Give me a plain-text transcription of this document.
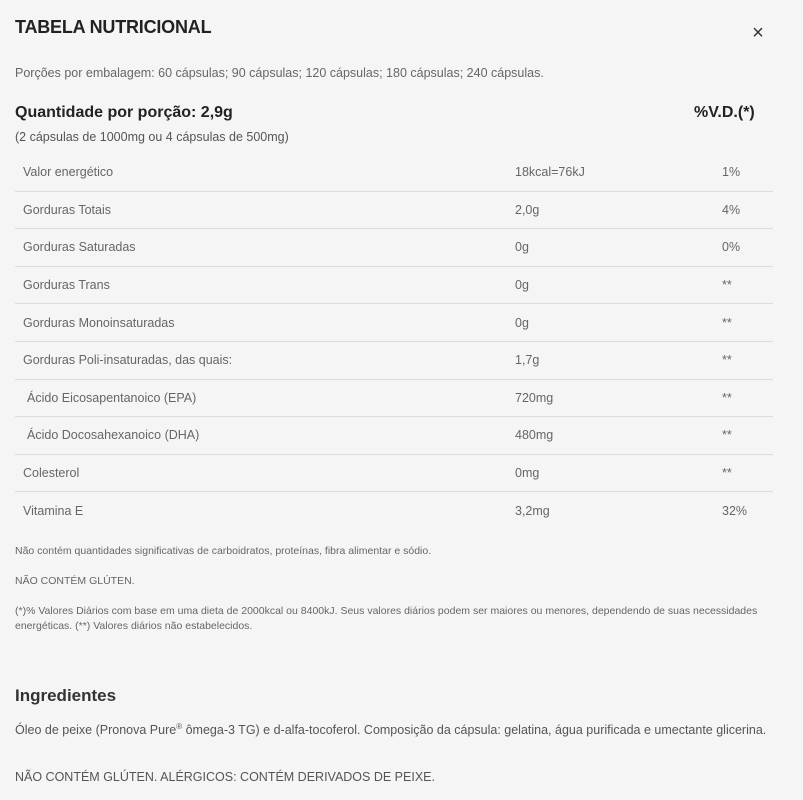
TABELA NUTRICIONAL	×
Porções por embalagem: 60 cápsulas; 90 cápsulas; 120 cápsulas; 180 cápsulas; 240 cápsulas.
Quantidade por porção: 2,9g	%V.D.(*)
(2 cápsulas de 1000mg ou 4 cápsulas de 500mg)
Valor energético	18kcal=76kJ	1%
Gorduras Totais	2,0g	4%
Gorduras Saturadas	0g	0%
Gorduras Trans	0g	**
Gorduras Monoinsaturadas	0g	**
Gorduras Poli-insaturadas, das quais:	1,7g	**
Ácido Eicosapentanoico (EPA)	720mg	**
Ácido Docosahexanoico (DHA)	480mg	**
Colesterol	0mg	**
Vitamina E	3,2mg	32%
Não contém quantidades significativas de carboidratos, proteínas, fibra alimentar e sódio.
NÃO CONTÉM GLÚTEN.
(*)% Valores Diários com base em uma dieta de 2000kcal ou 8400kJ. Seus valores diários podem ser maiores ou menores, dependendo de suas necessidades energéticas. (**) Valores diários não estabelecidos.
Ingredientes
Óleo de peixe (Pronova Pure® ômega-3 TG) e d-alfa-tocoferol. Composição da cápsula: gelatina, água purificada e umectante glicerina.
NÃO CONTÉM GLÚTEN. ALÉRGICOS: CONTÉM DERIVADOS DE PEIXE.
